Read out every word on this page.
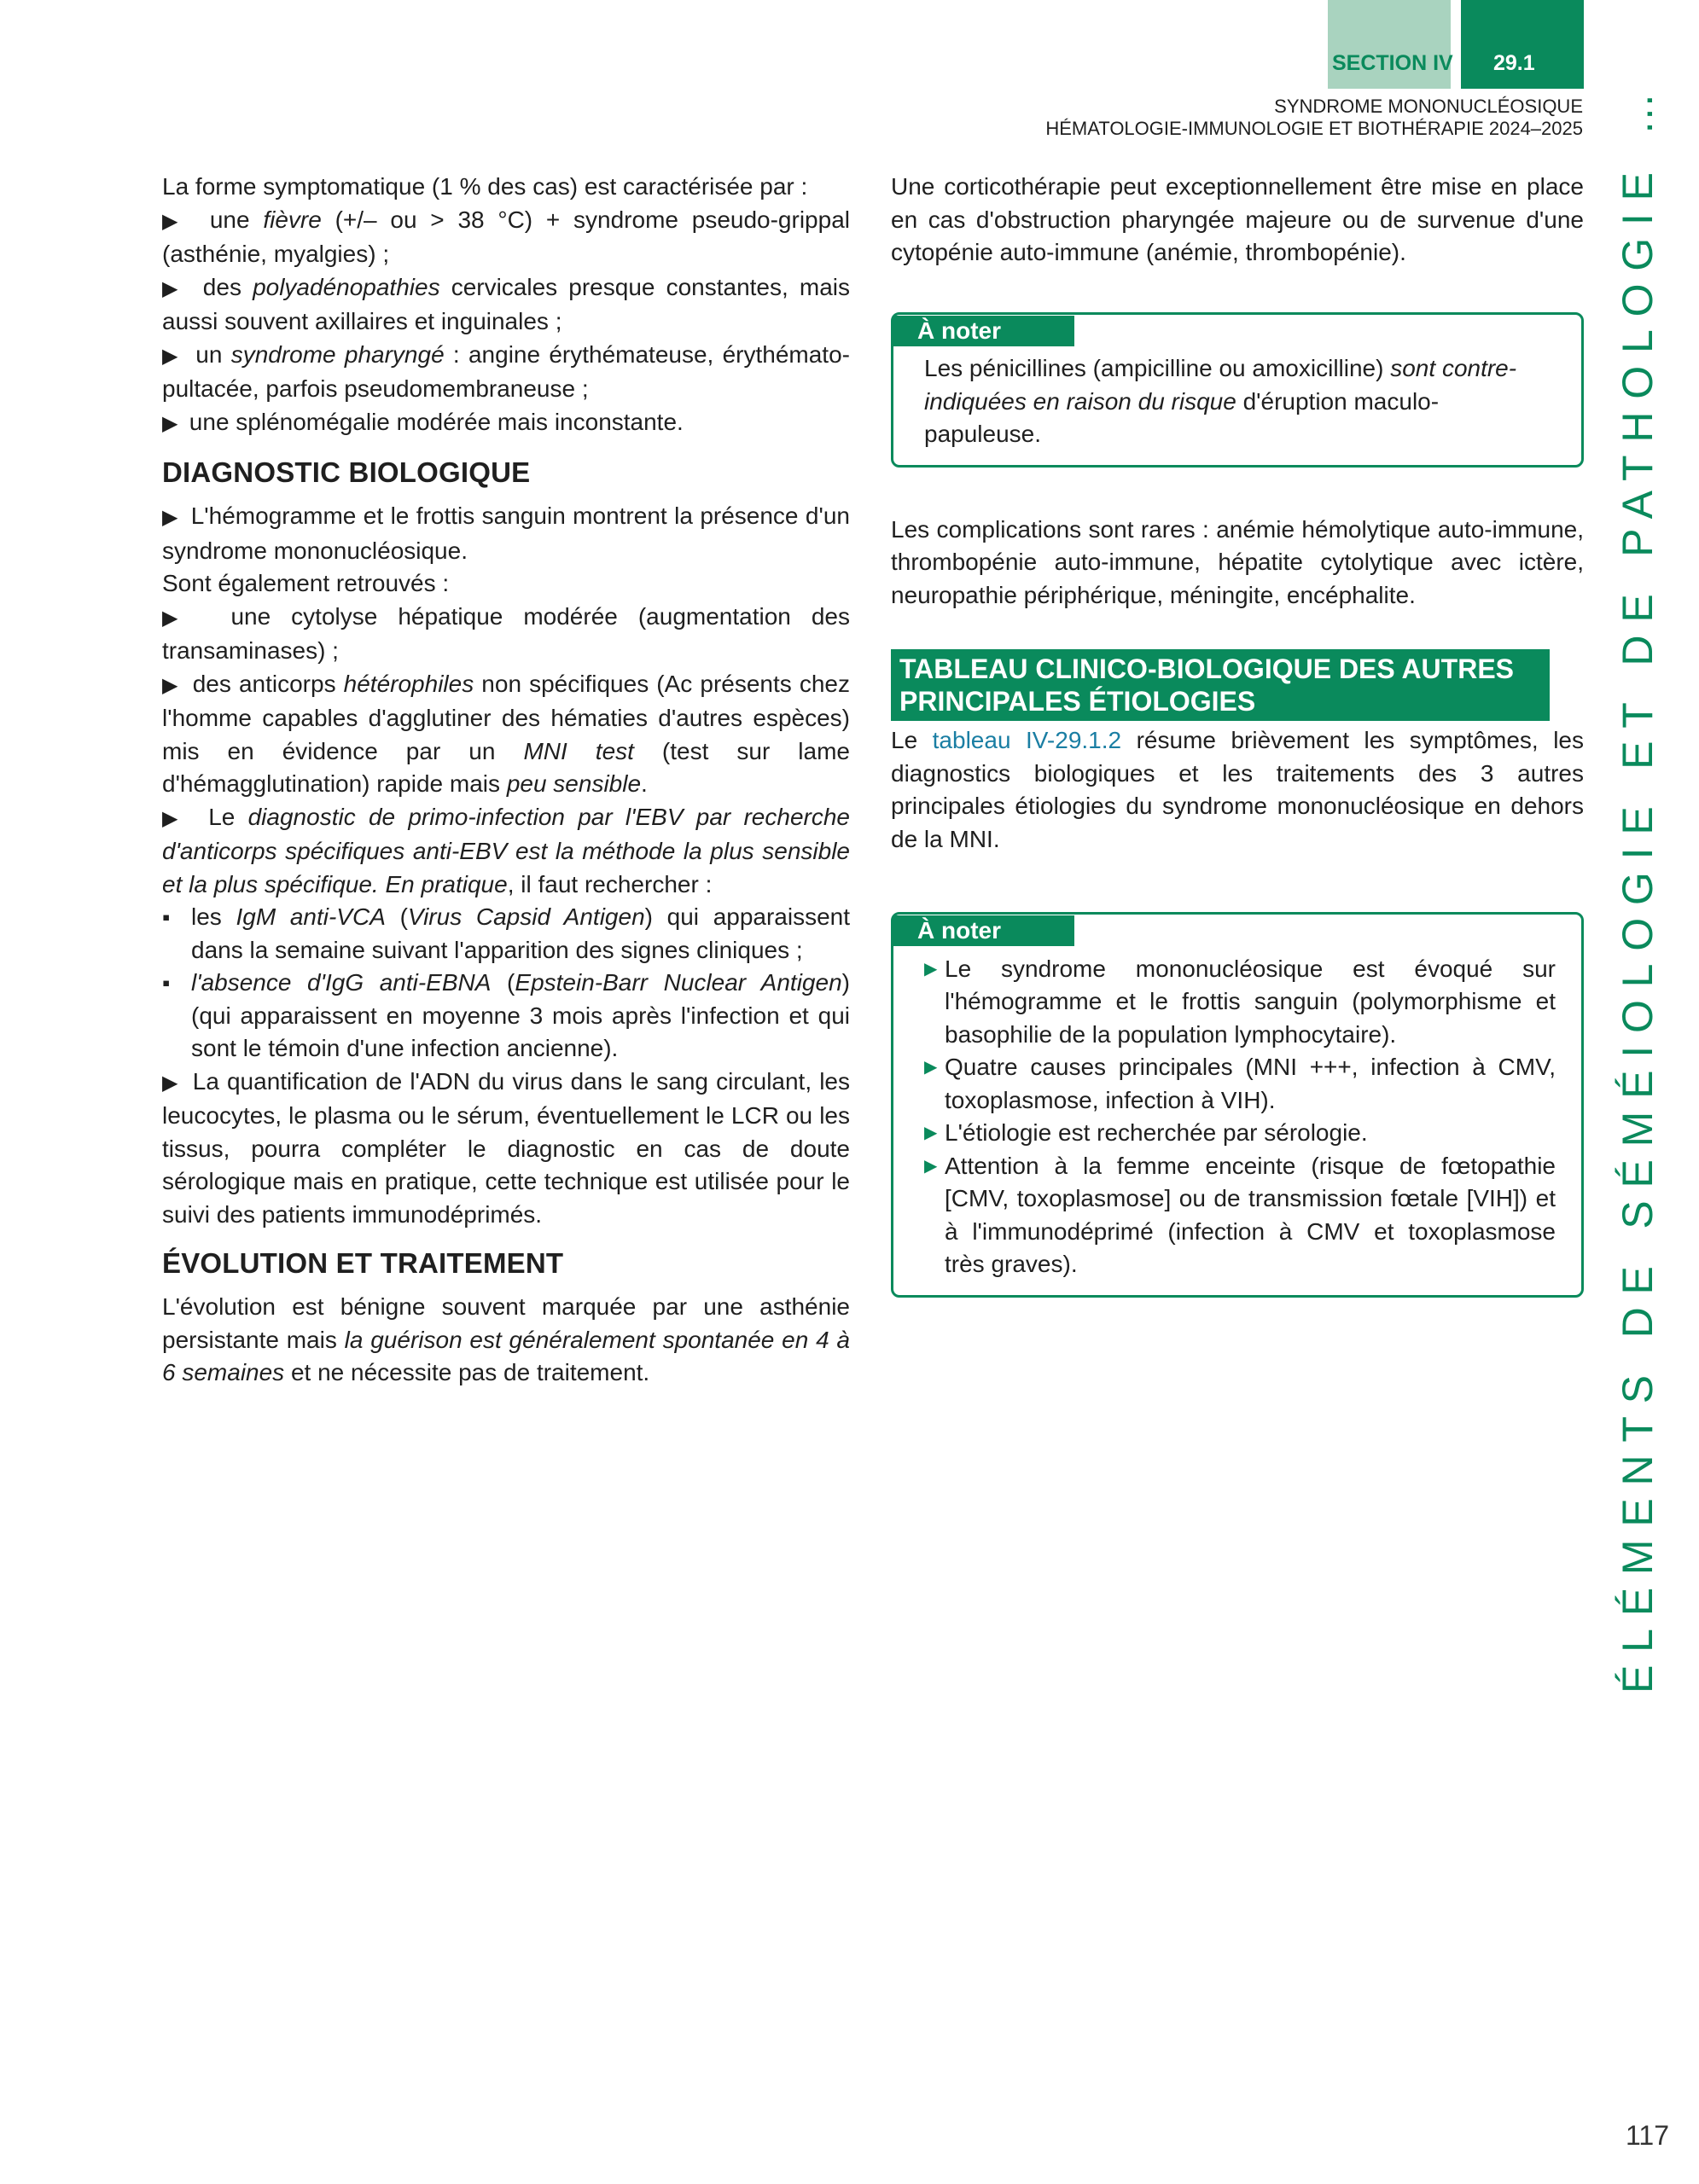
SECTION IV 29.1
SYNDROME MONONUCLÉOSIQUE
HÉMATOLOGIE-IMMUNOLOGIE ET BIOTHÉRAPIE 2024–2025

La forme symptomatique (1 % des cas) est caractérisée par :

▶  une fièvre (+/– ou > 38 °C) + syndrome pseudo-grippal (asthénie, myalgies) ;
▶  des polyadénopathies cervicales presque constantes, mais aussi souvent axillaires et inguinales ;
▶  un syndrome pharyngé : angine érythémateuse, érythémato- pultacée, parfois pseudomembraneuse ;
▶  une splénomégalie modérée mais inconstante.
DIAGNOSTIC BIOLOGIQUE
▶  L'hémogramme et le frottis sanguin montrent la présence d'un syndrome mononucléosique.

Sont également retrouvés :

▶  une cytolyse hépatique modérée (augmentation des transaminases) ;
▶  des anticorps hétérophiles non spécifiques (Ac présents chez l'homme capables d'agglutiner des hématies d'autres espèces) mis en évidence par un MNI test (test sur lame d'hémagglutination) rapide mais peu sensible.
▶  Le diagnostic de primo-infection par l'EBV par recherche d'anticorps spécifiques anti-EBV est la méthode la plus sensible et la plus spécifique. En pratique, il faut rechercher :
▪ les IgM anti-VCA (Virus Capsid Antigen) qui apparaissent dans la semaine suivant l'apparition des signes cliniques ;
▪ l'absence d'IgG anti-EBNA (Epstein-Barr Nuclear Antigen) (qui apparaissent en moyenne 3 mois après l'infection et qui sont le témoin d'une infection ancienne).
▶  La quantification de l'ADN du virus dans le sang circulant, les leucocytes, le plasma ou le sérum, éventuellement le LCR ou les tissus, pourra compléter le diagnostic en cas de doute sérologique mais en pratique, cette technique est utilisée pour le suivi des patients immunodéprimés.
ÉVOLUTION ET TRAITEMENT

L'évolution est bénigne souvent marquée par une asthénie persistante mais la guérison est généralement spontanée en 4 à 6 semaines et ne nécessite pas de traitement.

Une corticothérapie peut exceptionnellement être mise en place en cas d'obstruction pharyngée majeure ou de survenue d'une cytopénie auto-immune (anémie, thrombopénie).

À noter
Les pénicillines (ampicilline ou amoxicilline) sont contre-indiquées en raison du risque d'éruption maculo-papuleuse.

Les complications sont rares : anémie hémolytique auto-immune, thrombopénie auto-immune, hépatite cytolytique avec ictère, neuropathie périphérique, méningite, encéphalite.

TABLEAU CLINICO-BIOLOGIQUE DES AUTRES
PRINCIPALES ÉTIOLOGIES

Le tableau IV-29.1.2 résume brièvement les symptômes, les diagnostics biologiques et les traitements des 3 autres principales étiologies du syndrome mononucléosique en dehors de la MNI.

À noter
▶ Le syndrome mononucléosique est évoqué sur l'hémogramme et le frottis sanguin (polymorphisme et basophilie de la population lymphocytaire).
▶ Quatre causes principales (MNI +++, infection à CMV, toxoplasmose, infection à VIH).
▶ L'étiologie est recherchée par sérologie.
▶ Attention à la femme enceinte (risque de fœtopathie [CMV, toxoplasmose] ou de transmission fœtale [VIH]) et à l'immunodéprimé (infection à CMV et toxoplasmose très graves).	ÉLÉMENTS DE SÉMÉIOLOGIE ET DE PATHOLOGIE …
117
